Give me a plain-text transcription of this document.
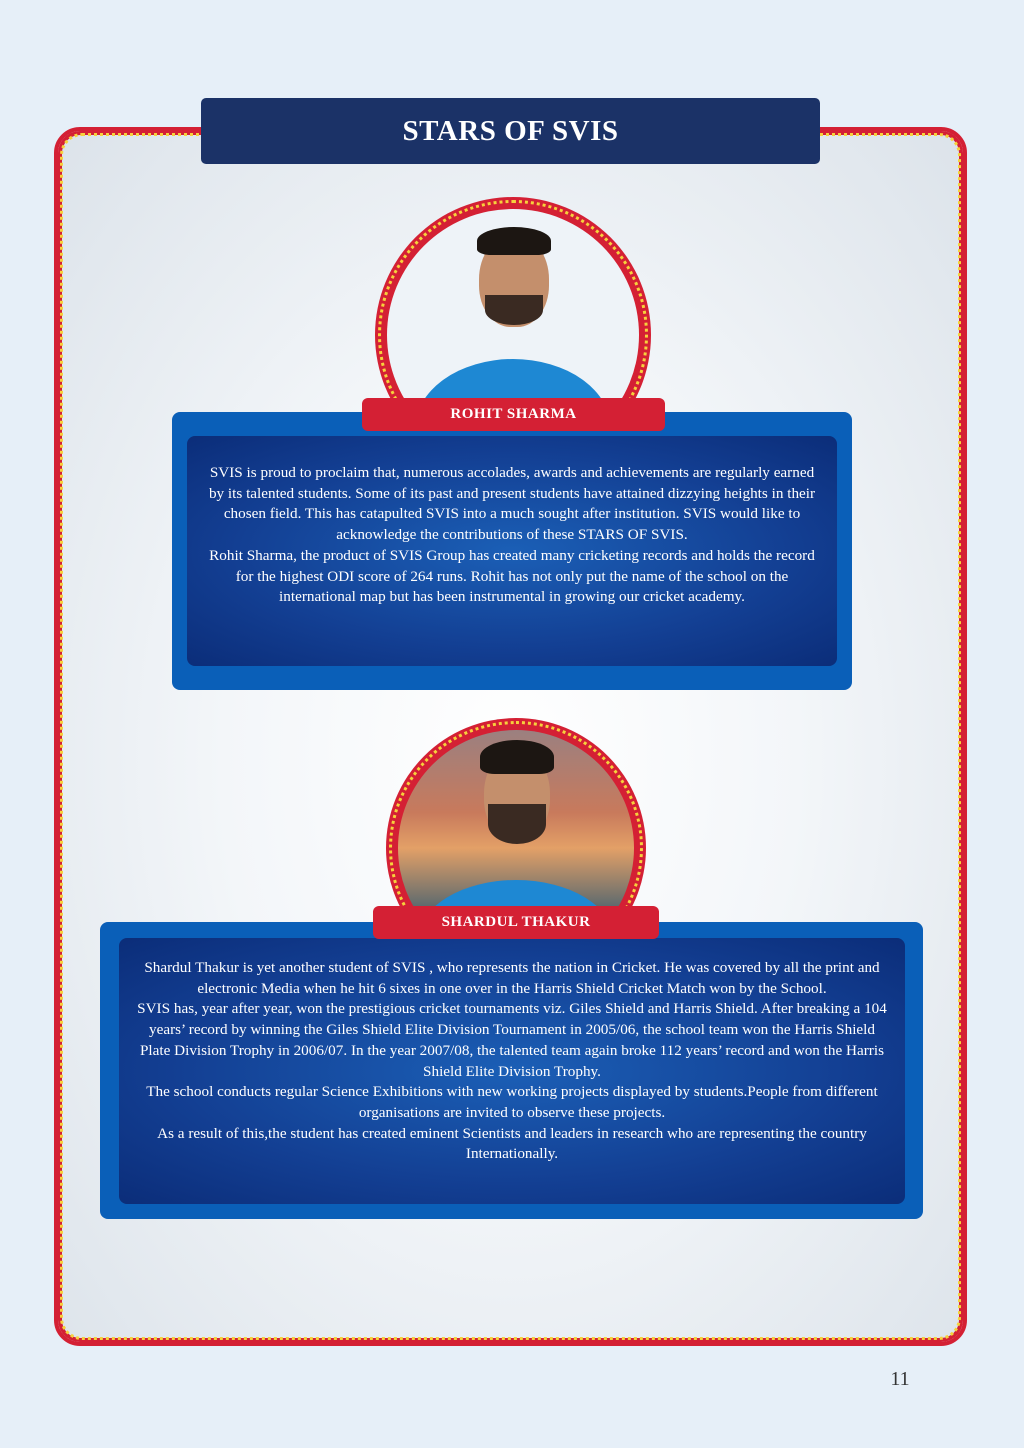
STARS OF SVIS

SVIS is proud to proclaim that, numerous accolades, awards and achievements are regularly earned by its talented students. Some of its past and present students have attained dizzying heights in their chosen field. This has catapulted SVIS into a much sought after institution. SVIS would like to acknowledge the contributions of these STARS OF SVIS.

Rohit Sharma, the product of SVIS Group has created many cricketing records and holds the record for the highest ODI score of 264 runs. Rohit has not only put the name of the school on the international map but has been instrumental in growing our cricket academy.

ROHIT SHARMA

Shardul Thakur is yet another student of SVIS , who represents the nation in Cricket. He was covered by all the print and electronic Media when he hit 6 sixes in one over in the Harris Shield Cricket Match won by the School.

SVIS has, year after year, won the prestigious cricket tournaments viz. Giles Shield and Harris Shield. After breaking a 104 years’ record by winning the Giles Shield Elite Division Tournament in 2005/06, the school team won the Harris Shield Plate Division Trophy in 2006/07. In the year 2007/08, the talented team again broke 112 years’ record and won the Harris Shield Elite Division Trophy.

The school conducts regular Science Exhibitions with new working projects displayed by students.People from different organisations are invited to observe these projects.

As a result of this,the student has created eminent Scientists and leaders in research who are representing the country Internationally.

SHARDUL THAKUR
11
